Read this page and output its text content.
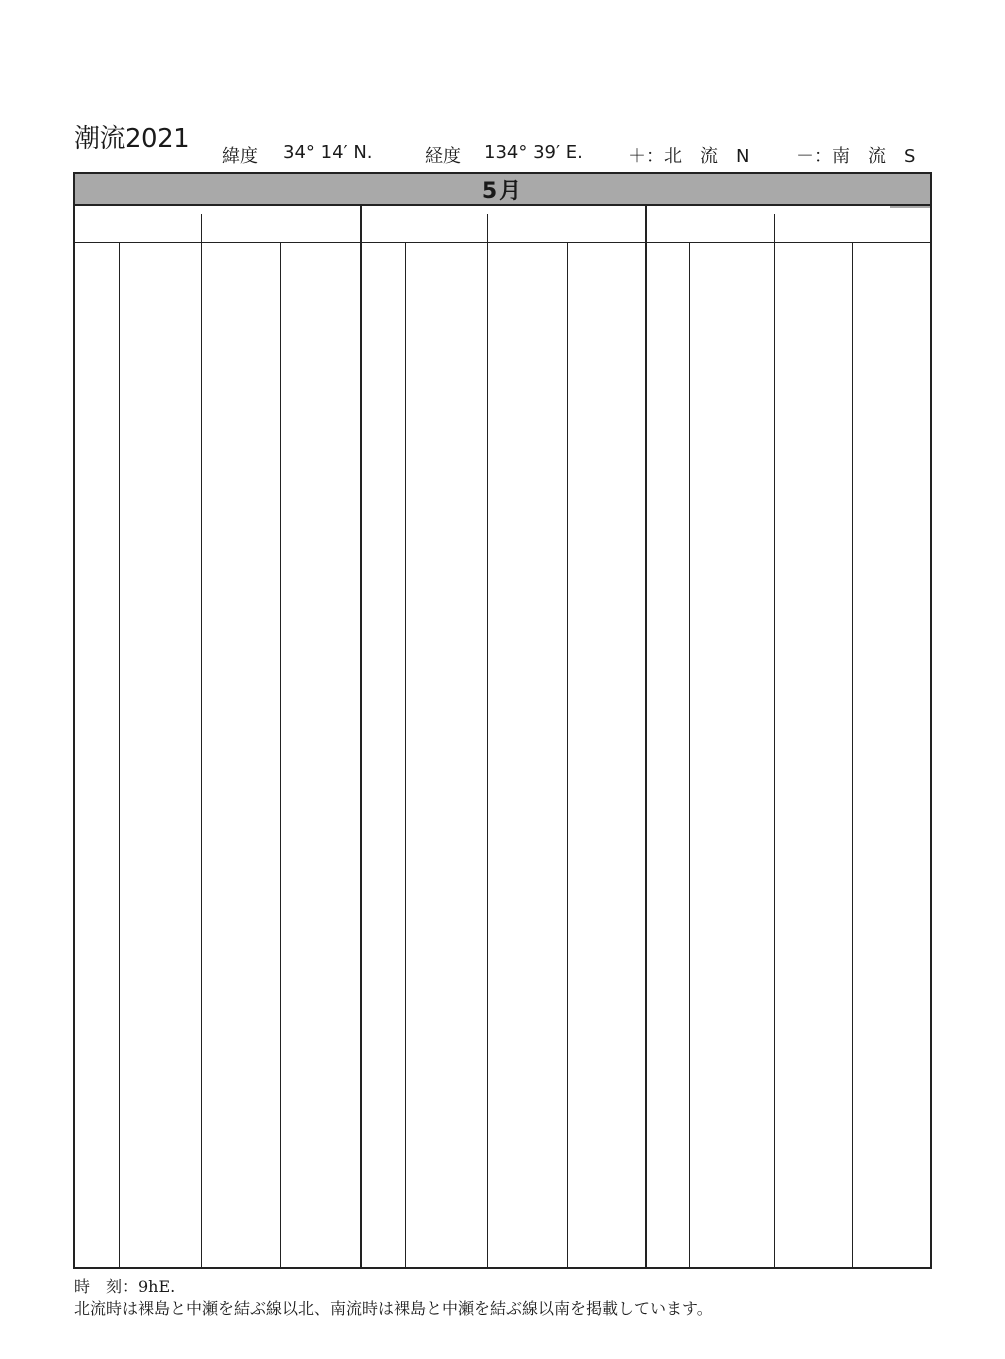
潮流2021
緯度 34° 14′ N.	経度 134° 39′ E.	＋：北　流　N	－：南　流　S
5月
時　刻：9hE.
北流時は裸島と中瀬を結ぶ線以北、南流時は裸島と中瀬を結ぶ線以南を掲載しています。
